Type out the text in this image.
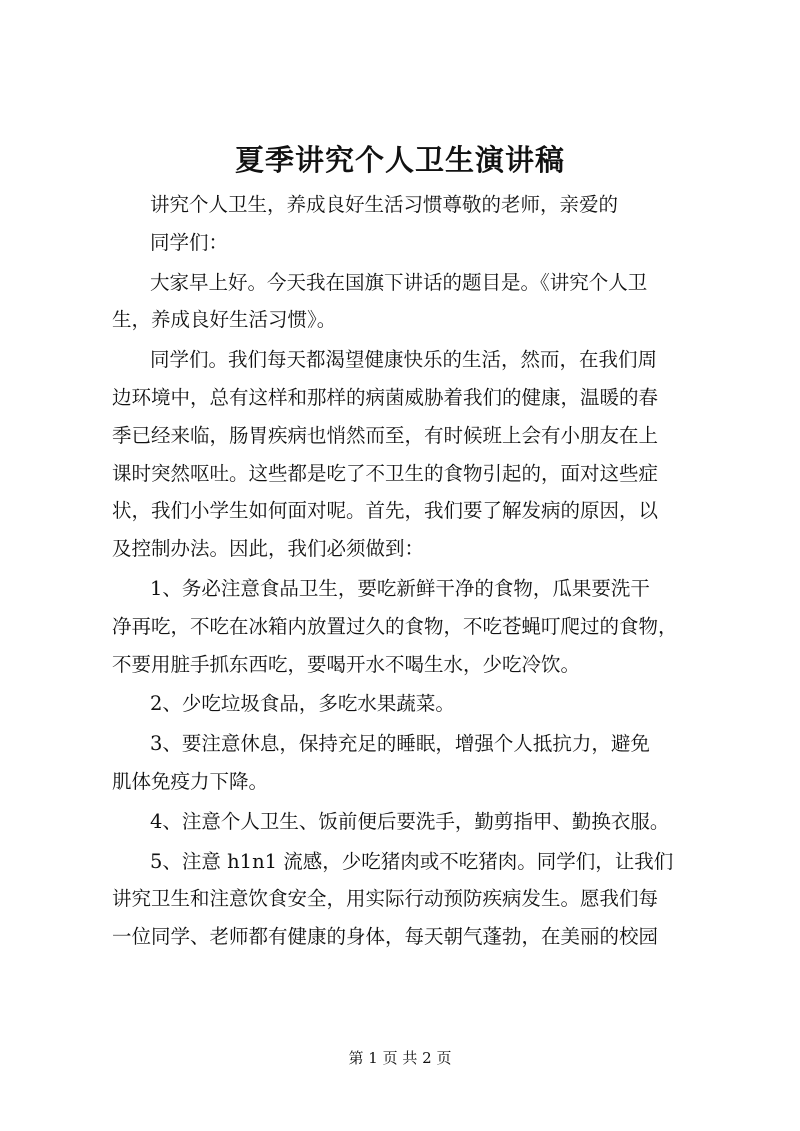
夏季讲究个人卫生演讲稿
讲究个人卫生，养成良好生活习惯尊敬的老师，亲爱的
同学们：
大家早上好。今天我在国旗下讲话的题目是。《讲究个人卫
生，养成良好生活习惯》。
同学们。我们每天都渴望健康快乐的生活，然而，在我们周
边环境中，总有这样和那样的病菌威胁着我们的健康，温暖的春
季已经来临，肠胃疾病也悄然而至，有时候班上会有小朋友在上
课时突然呕吐。这些都是吃了不卫生的食物引起的，面对这些症
状，我们小学生如何面对呢。首先，我们要了解发病的原因，以
及控制办法。因此，我们必须做到：
1、务必注意食品卫生，要吃新鲜干净的食物，瓜果要洗干
净再吃，不吃在冰箱内放置过久的食物，不吃苍蝇叮爬过的食物，
不要用脏手抓东西吃，要喝开水不喝生水，少吃冷饮。
2、少吃垃圾食品，多吃水果蔬菜。
3、要注意休息，保持充足的睡眠，增强个人抵抗力，避免
肌体免疫力下降。
4、注意个人卫生、饭前便后要洗手，勤剪指甲、勤换衣服。
5、注意 h1n1 流感，少吃猪肉或不吃猪肉。同学们，让我们
讲究卫生和注意饮食安全，用实际行动预防疾病发生。愿我们每
一位同学、老师都有健康的身体，每天朝气蓬勃，在美丽的校园
第 1 页 共 2 页
